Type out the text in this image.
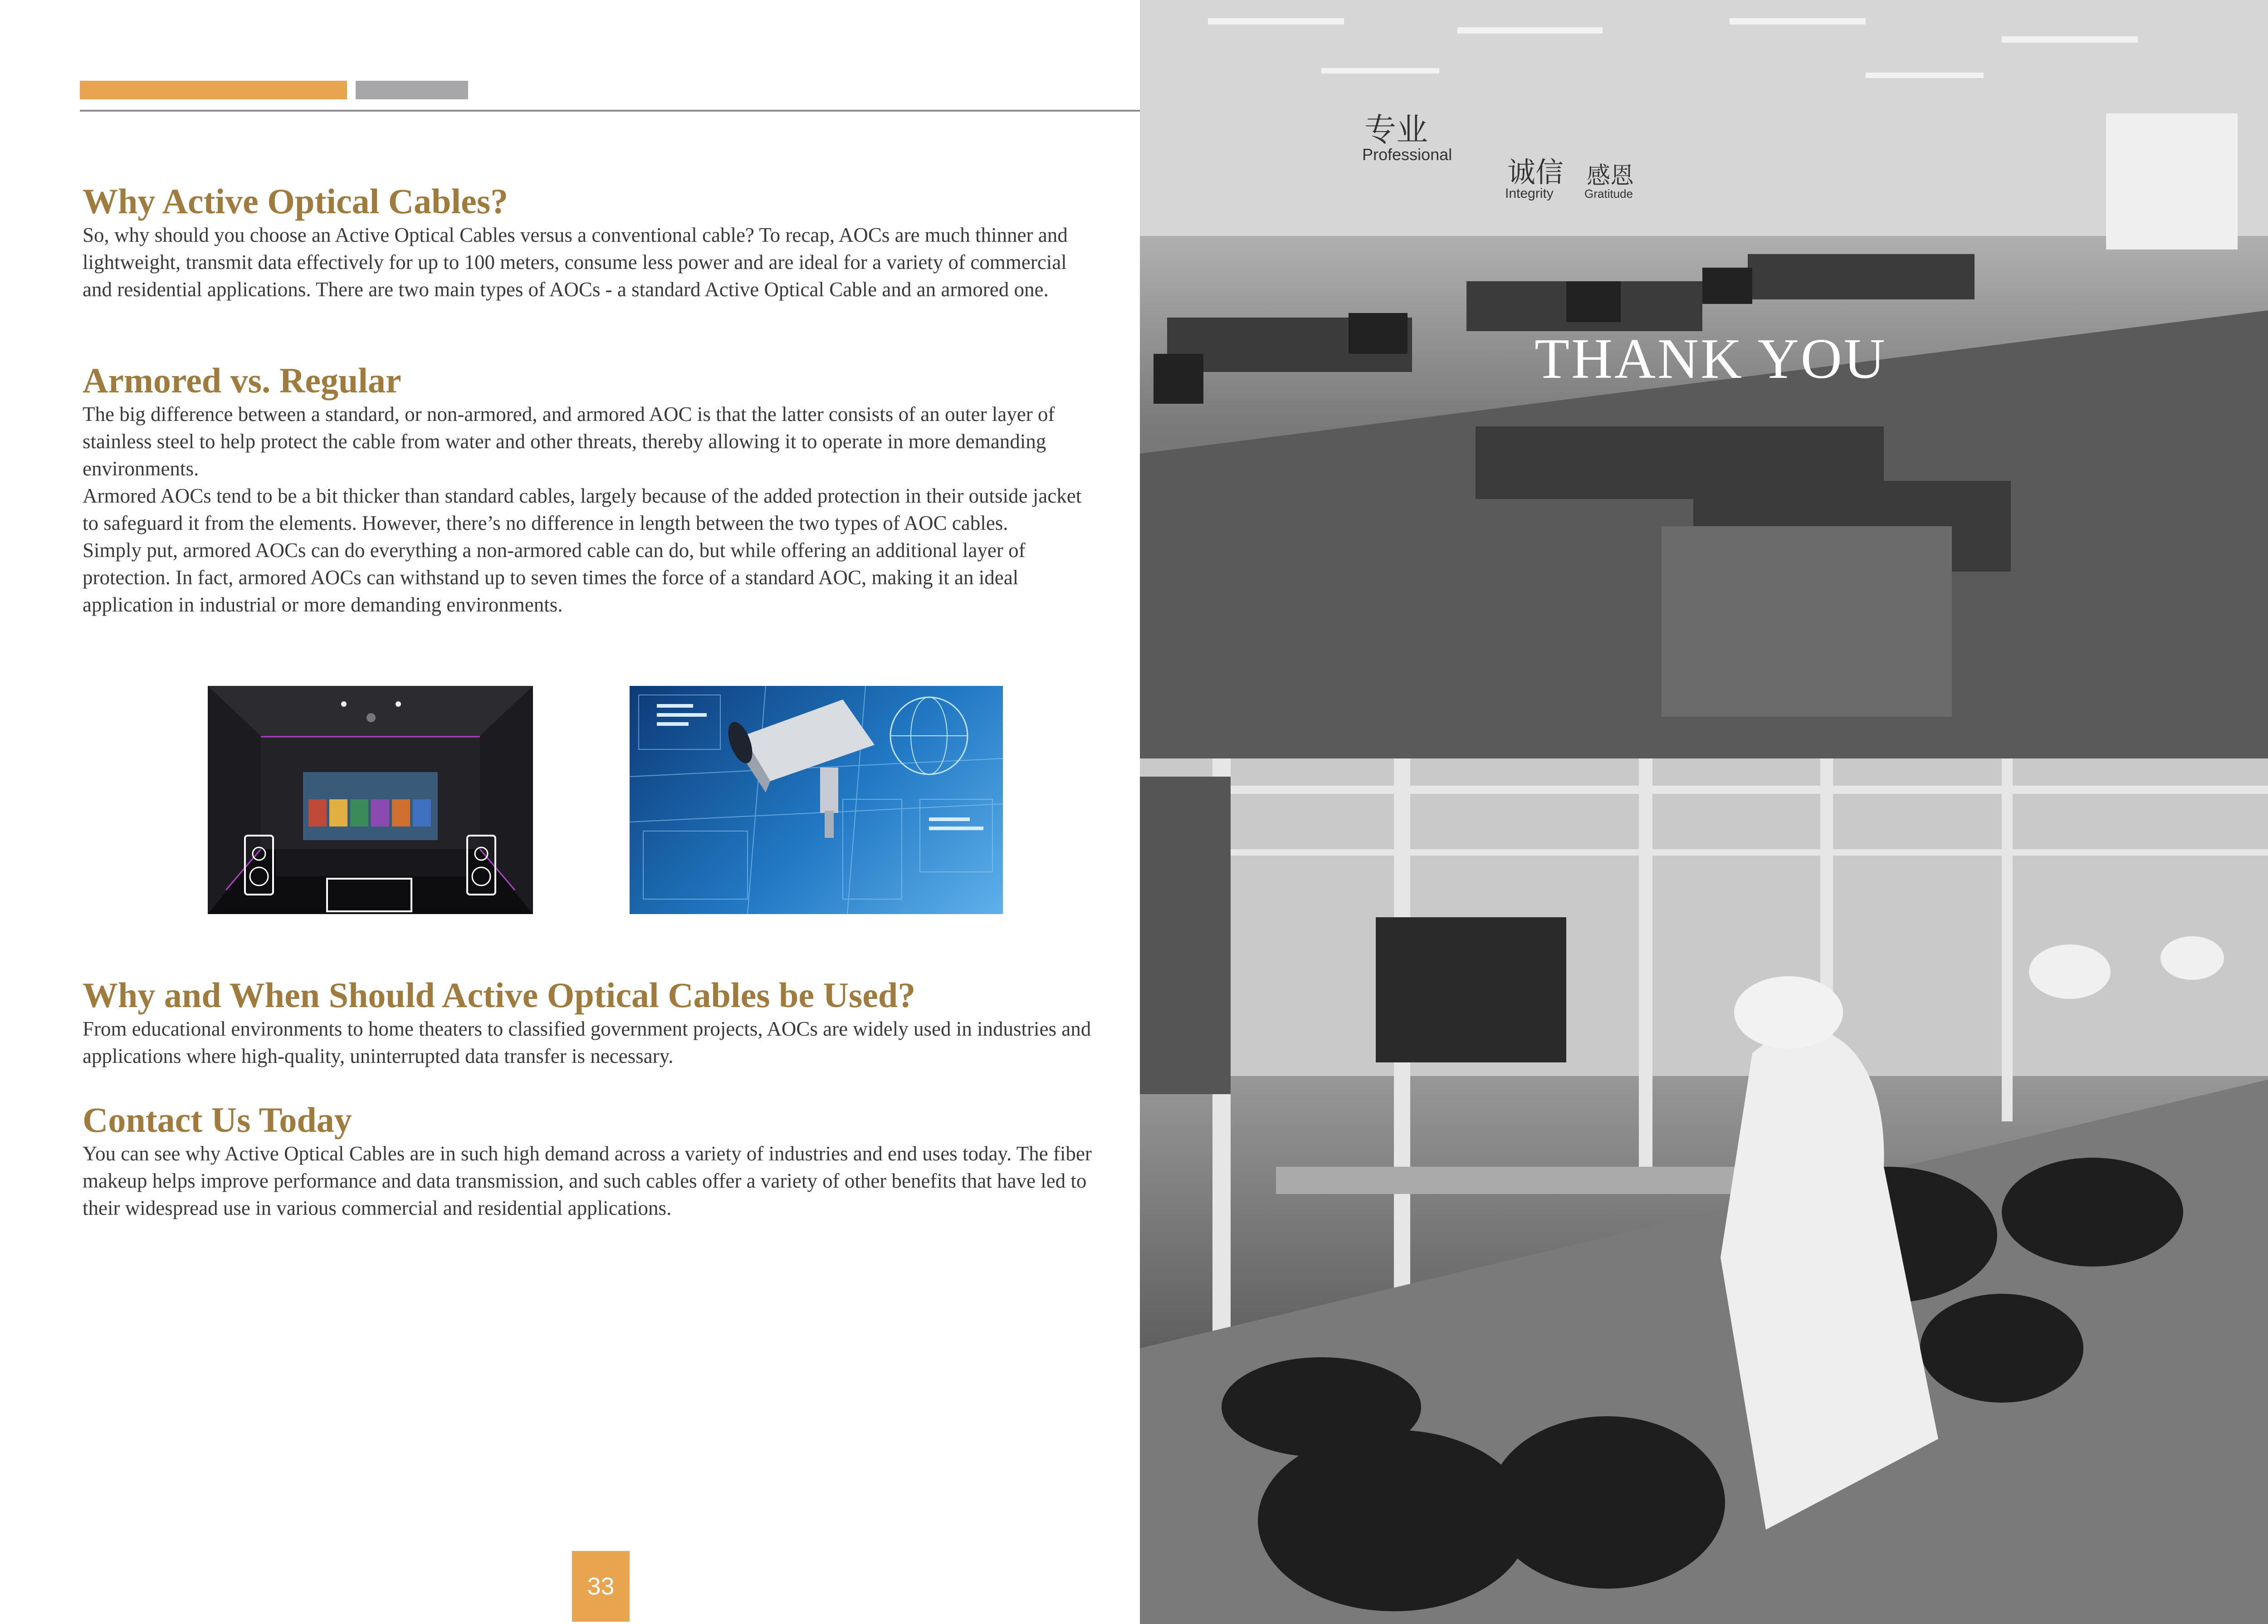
Why Active Optical Cables?

So, why should you choose an Active Optical Cables versus a conventional cable? To recap, AOCs are much thinner and lightweight, transmit data effectively for up to 100 meters, consume less power and are ideal for a variety of commercial and residential applications. There are two main types of AOCs - a standard Active Optical Cable and an armored one.

Armored vs. Regular

The big difference between a standard, or non-armored, and armored AOC is that the latter consists of an outer layer of stainless steel to help protect the cable from water and other threats, thereby allowing it to operate in more demanding environments.

Armored AOCs tend to be a bit thicker than standard cables, largely because of the added protection in their outside jacket to safeguard it from the elements. However, there’s no difference in length between the two types of AOC cables.

Simply put, armored AOCs can do everything a non-armored cable can do, but while offering an additional layer of protection. In fact, armored AOCs can withstand up to seven times the force of a standard AOC, making it an ideal application in industrial or more demanding environments.

Why and When Should Active Optical Cables be Used?

From educational environments to home theaters to classified government projects, AOCs are widely used in industries and applications where high-quality, uninterrupted data transfer is necessary.

Contact Us Today

You can see why Active Optical Cables are in such high demand across a variety of industries and end uses today. The fiber makeup helps improve performance and data transmission, and such cables offer a variety of other benefits that have led to their widespread use in various commercial and residential applications.

33
专业
Professional
诚信
Integrity
感恩
Gratitude
THANK YOU
